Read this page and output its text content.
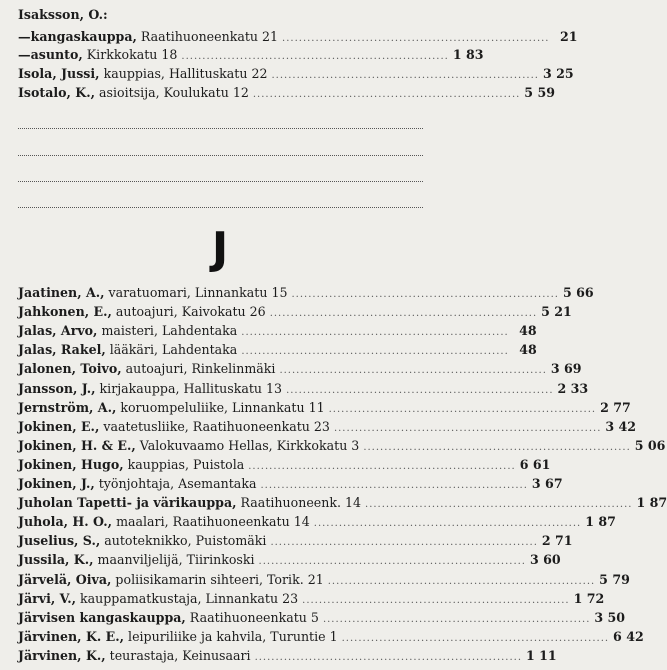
Isaksson, O.:
—kangaskauppa, Raatihuoneenkatu 21 ................................................................ 21
—asunto, Kirkkokatu 18 ................................................................ 1 83
Isola, Jussi, kauppias, Hallituskatu 22 ................................................................ 3 25
Isotalo, K., asioitsija, Koulukatu 12 ................................................................ 5 59
J
Jaatinen, A., varatuomari, Linnankatu 15 ................................................................ 5 66
Jahkonen, E., autoajuri, Kaivokatu 26 ................................................................ 5 21
Jalas, Arvo, maisteri, Lahdentaka ................................................................ 48
Jalas, Rakel, lääkäri, Lahdentaka ................................................................ 48
Jalonen, Toivo, autoajuri, Rinkelinmäki ................................................................ 3 69
Jansson, J., kirjakauppa, Hallituskatu 13 ................................................................ 2 33
Jernström, A., koruompeluliike, Linnankatu 11 ................................................................ 2 77
Jokinen, E., vaatetusliike, Raatihuoneenkatu 23 ................................................................ 3 42
Jokinen, H. & E., Valokuvaamo Hellas, Kirkkokatu 3 ................................................................ 5 06
Jokinen, Hugo, kauppias, Puistola ................................................................ 6 61
Jokinen, J., työnjohtaja, Asemantaka ................................................................ 3 67
Juholan Tapetti- ja värikauppa, Raatihuoneenk. 14 ................................................................ 1 87
Juhola, H. O., maalari, Raatihuoneenkatu 14 ................................................................ 1 87
Juselius, S., autoteknikko, Puistomäki ................................................................ 2 71
Jussila, K., maanviljelijä, Tiirinkoski ................................................................ 3 60
Järvelä, Oiva, poliisikamarin sihteeri, Torik. 21 ................................................................ 5 79
Järvi, V., kauppamatkustaja, Linnankatu 23 ................................................................ 1 72
Järvisen kangaskauppa, Raatihuoneenkatu 5 ................................................................ 3 50
Järvinen, K. E., leipuriliike ja kahvila, Turuntie 1 ................................................................ 6 42
Järvinen, K., teurastaja, Keinusaari ................................................................ 1 11
